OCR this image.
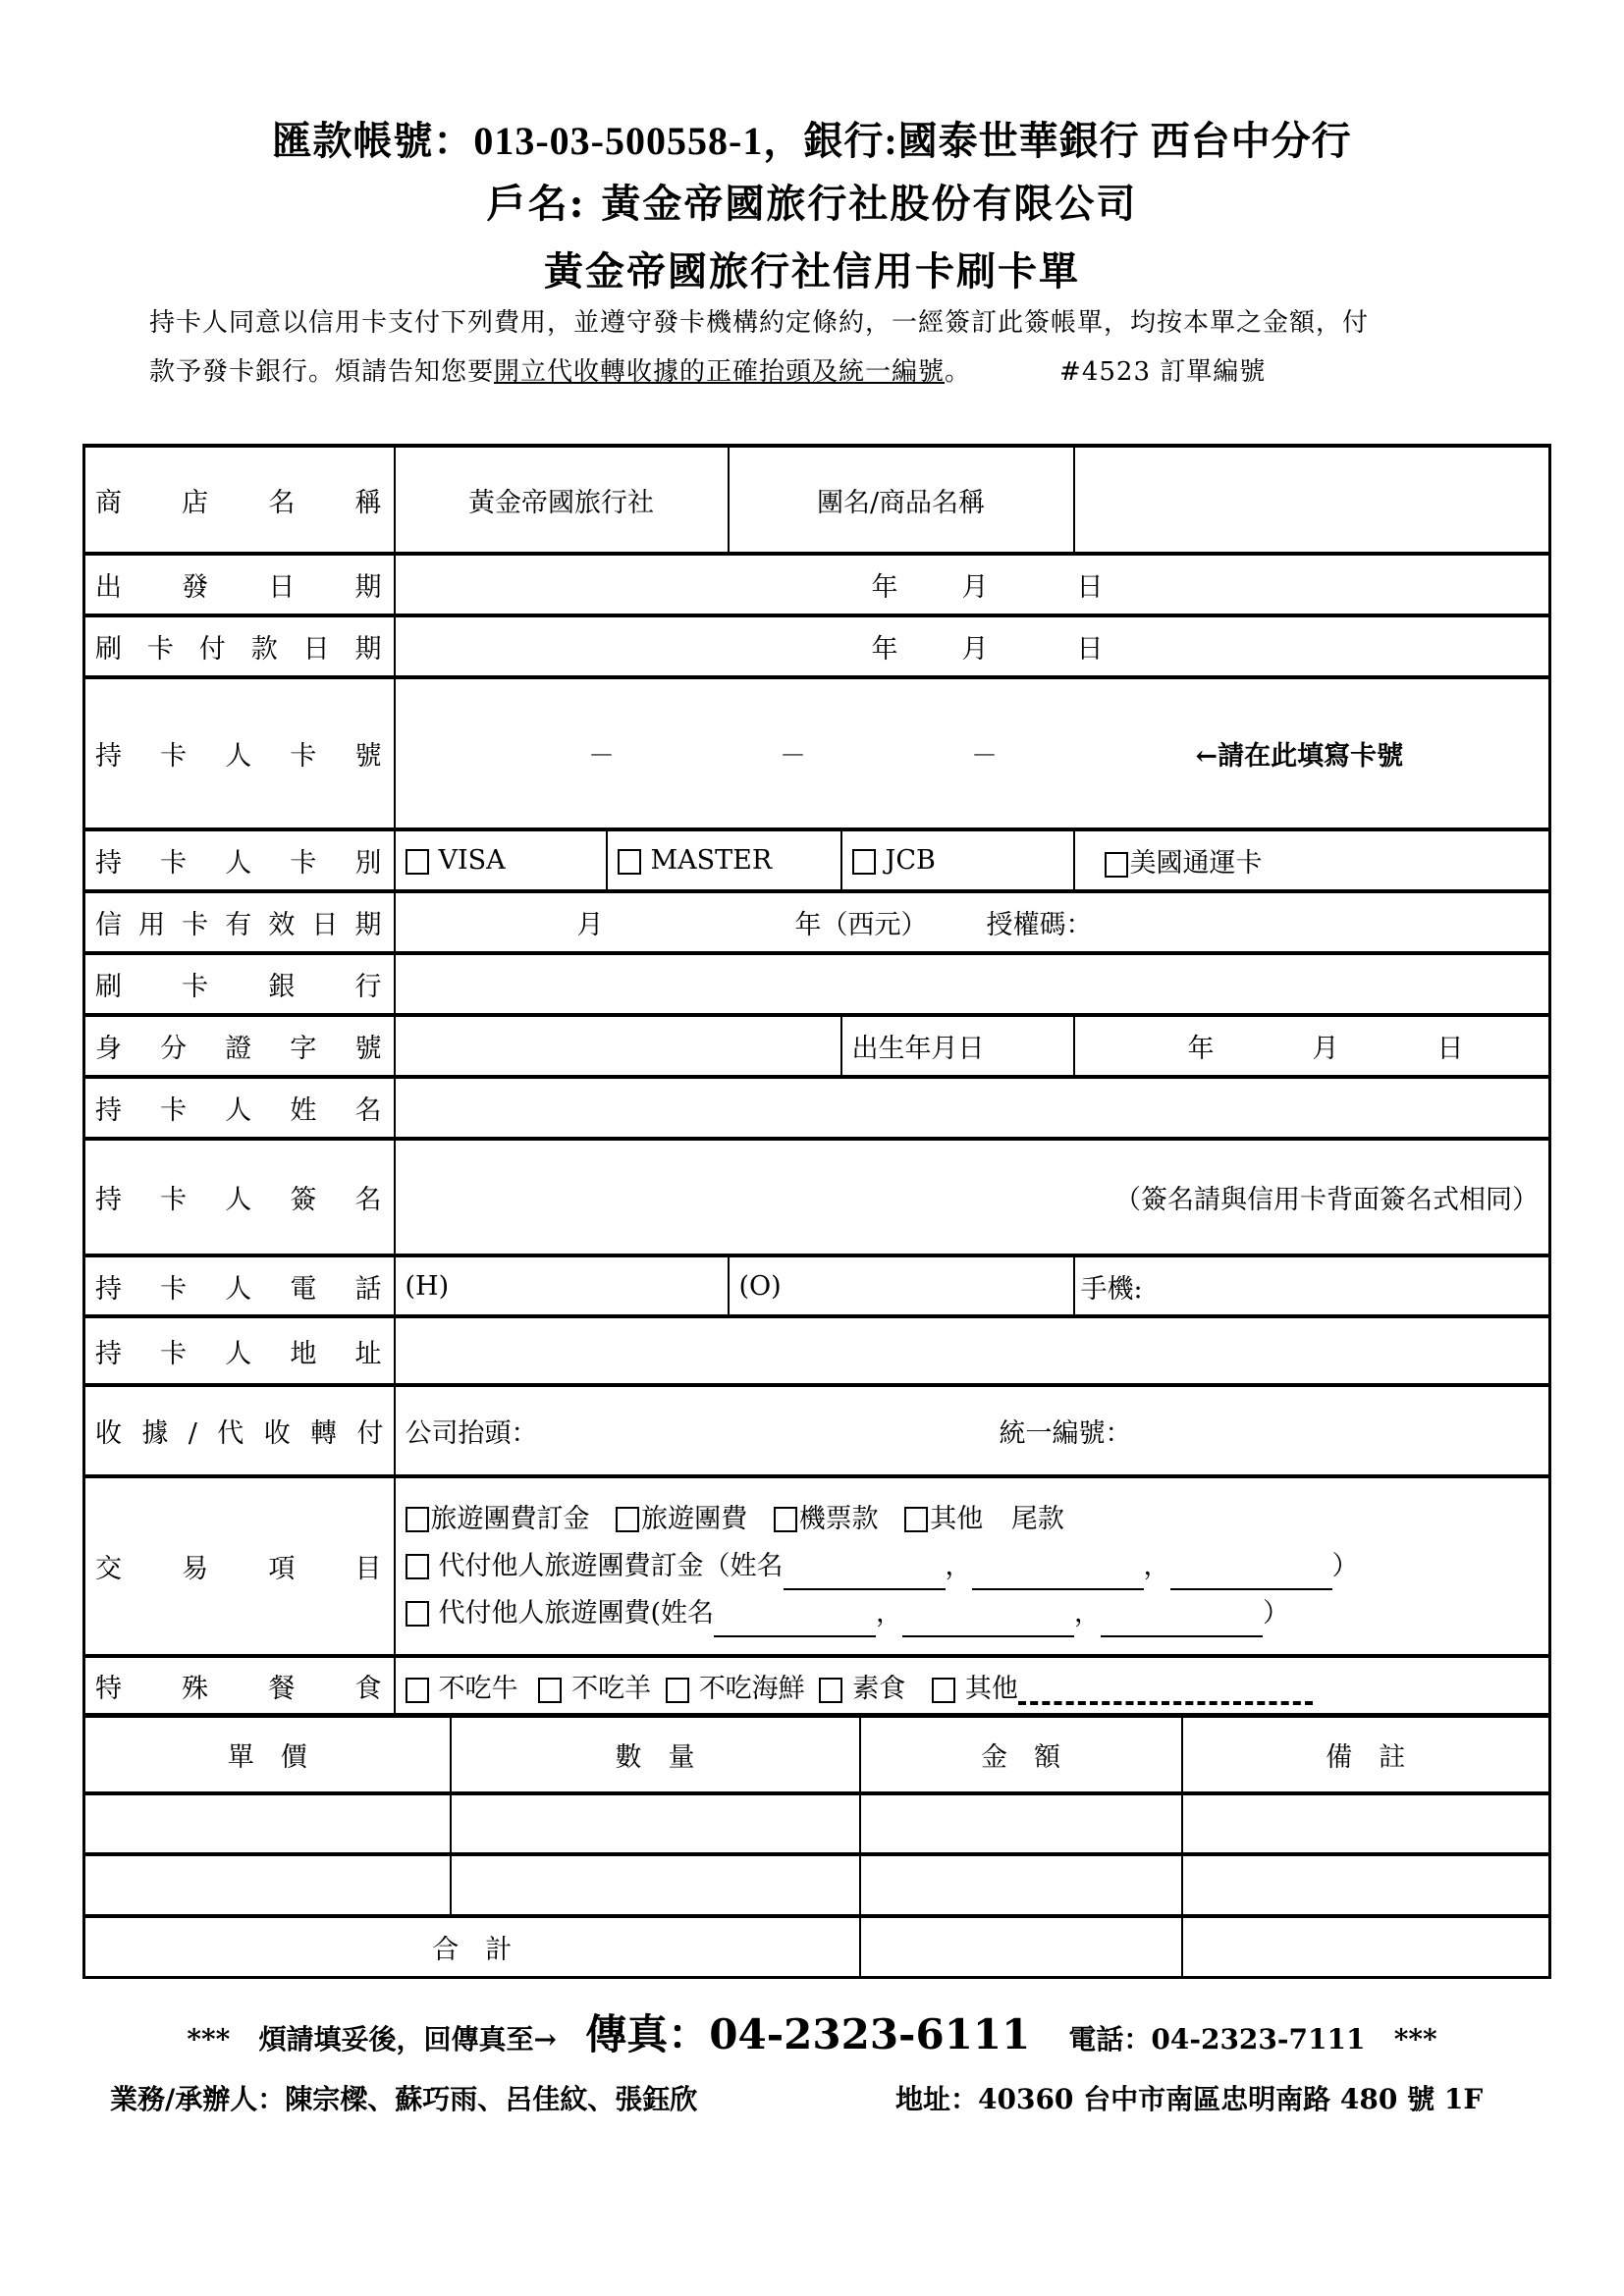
匯款帳號：013-03-500558-1，銀行:國泰世華銀行 西台中分行
戶名: 黃金帝國旅行社股份有限公司
黃金帝國旅行社信用卡刷卡單
持卡人同意以信用卡支付下列費用，並遵守發卡機構約定條約，一經簽訂此簽帳單，均按本單之金額，付
款予發卡銀行。煩請告知您要開立代收轉收據的正確抬頭及統一編號。	#4523 訂單編號
商店名稱	黃金帝國旅行社		團名/商品名稱		
出發日期	年 月 日				
刷卡付款日期	年 月 日				
持卡人卡號	－ － － ←請在此填寫卡號				
持卡人卡別	VISA	MASTER		JCB	美國通運卡
信用卡有效日期	月 年（西元） 授權碼：				
刷卡銀行					
身分證字號				出生年月日	年 月 日
持卡人姓名					
持卡人簽名	（簽名請與信用卡背面簽名式相同）				
持卡人電話	(H)		(O)		手機:
持卡人地址					
收據/代收轉付	公司抬頭： 統一編號：				
交易項目	旅遊團費訂金 旅遊團費 機票款 其他 尾款
代付他人旅遊團費訂金（姓名 ， ， ）
代付他人旅遊團費(姓名 ， ， ）				

特殊餐食	不吃牛 不吃羊 不吃海鮮 素食 其他				
單　價	數　量	金　額	備　註

合　計			
*** 煩請填妥後，回傳真至→ 傳真：04-2323-6111 電話：04-2323-7111 ***
業務/承辦人：陳宗樑、蘇巧雨、呂佳紋、張鈺欣	地址：40360 台中市南區忠明南路 480 號 1F
